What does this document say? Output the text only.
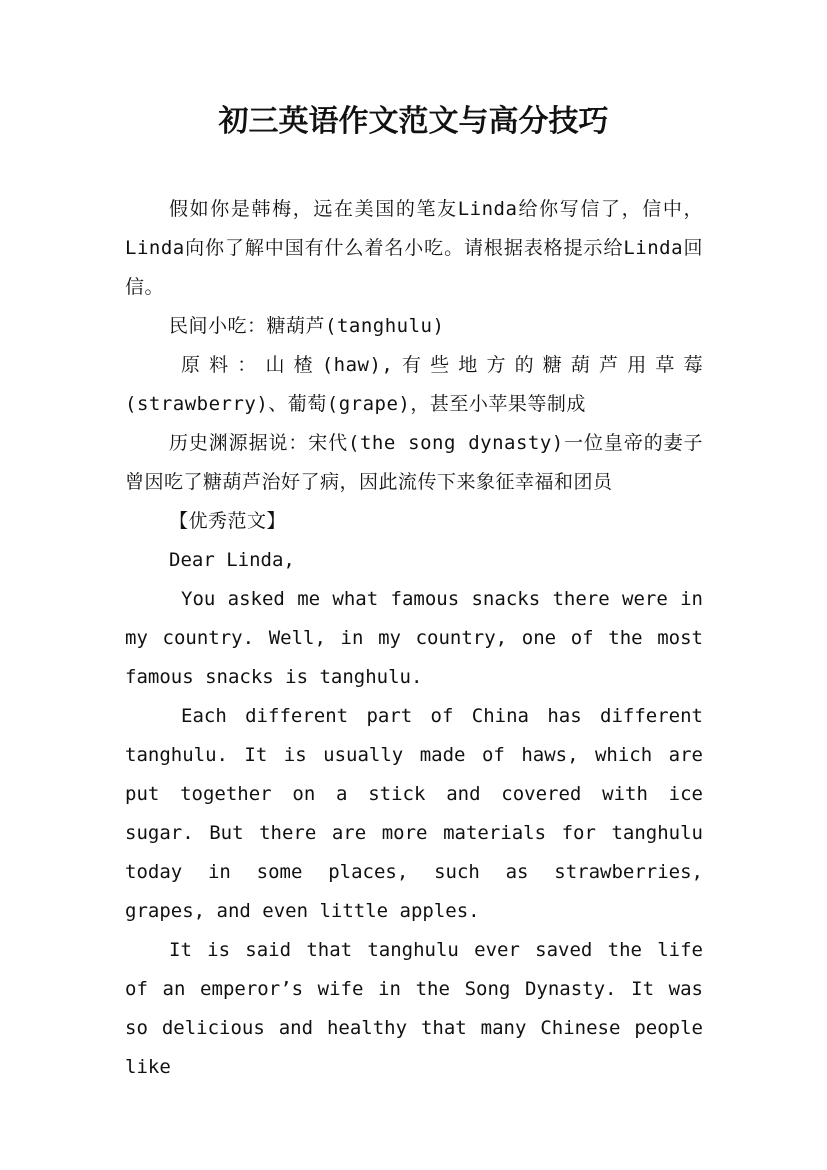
初三英语作文范文与高分技巧

假如你是韩梅，远在美国的笔友Linda给你写信了，信中，Linda向你了解中国有什么着名小吃。请根据表格提示给Linda回信。

民间小吃：糖葫芦(tanghulu)

原料：山楂(haw),有些地方的糖葫芦用草莓(strawberry)、葡萄(grape)，甚至小苹果等制成

历史渊源据说：宋代(the song dynasty)一位皇帝的妻子曾因吃了糖葫芦治好了病，因此流传下来象征幸福和团员

【优秀范文】

Dear Linda,

You asked me what famous snacks there were in my country. Well, in my country, one of the most famous snacks is tanghulu.

Each different part of China has different tanghulu. It is usually made of haws, which are put together on a stick and covered with ice sugar. But there are more materials for tanghulu today in some places, such as strawberries, grapes, and even little apples.

It is said that tanghulu ever saved the life of an emperor’s wife in the Song Dynasty. It was so delicious and healthy that many Chinese people like
